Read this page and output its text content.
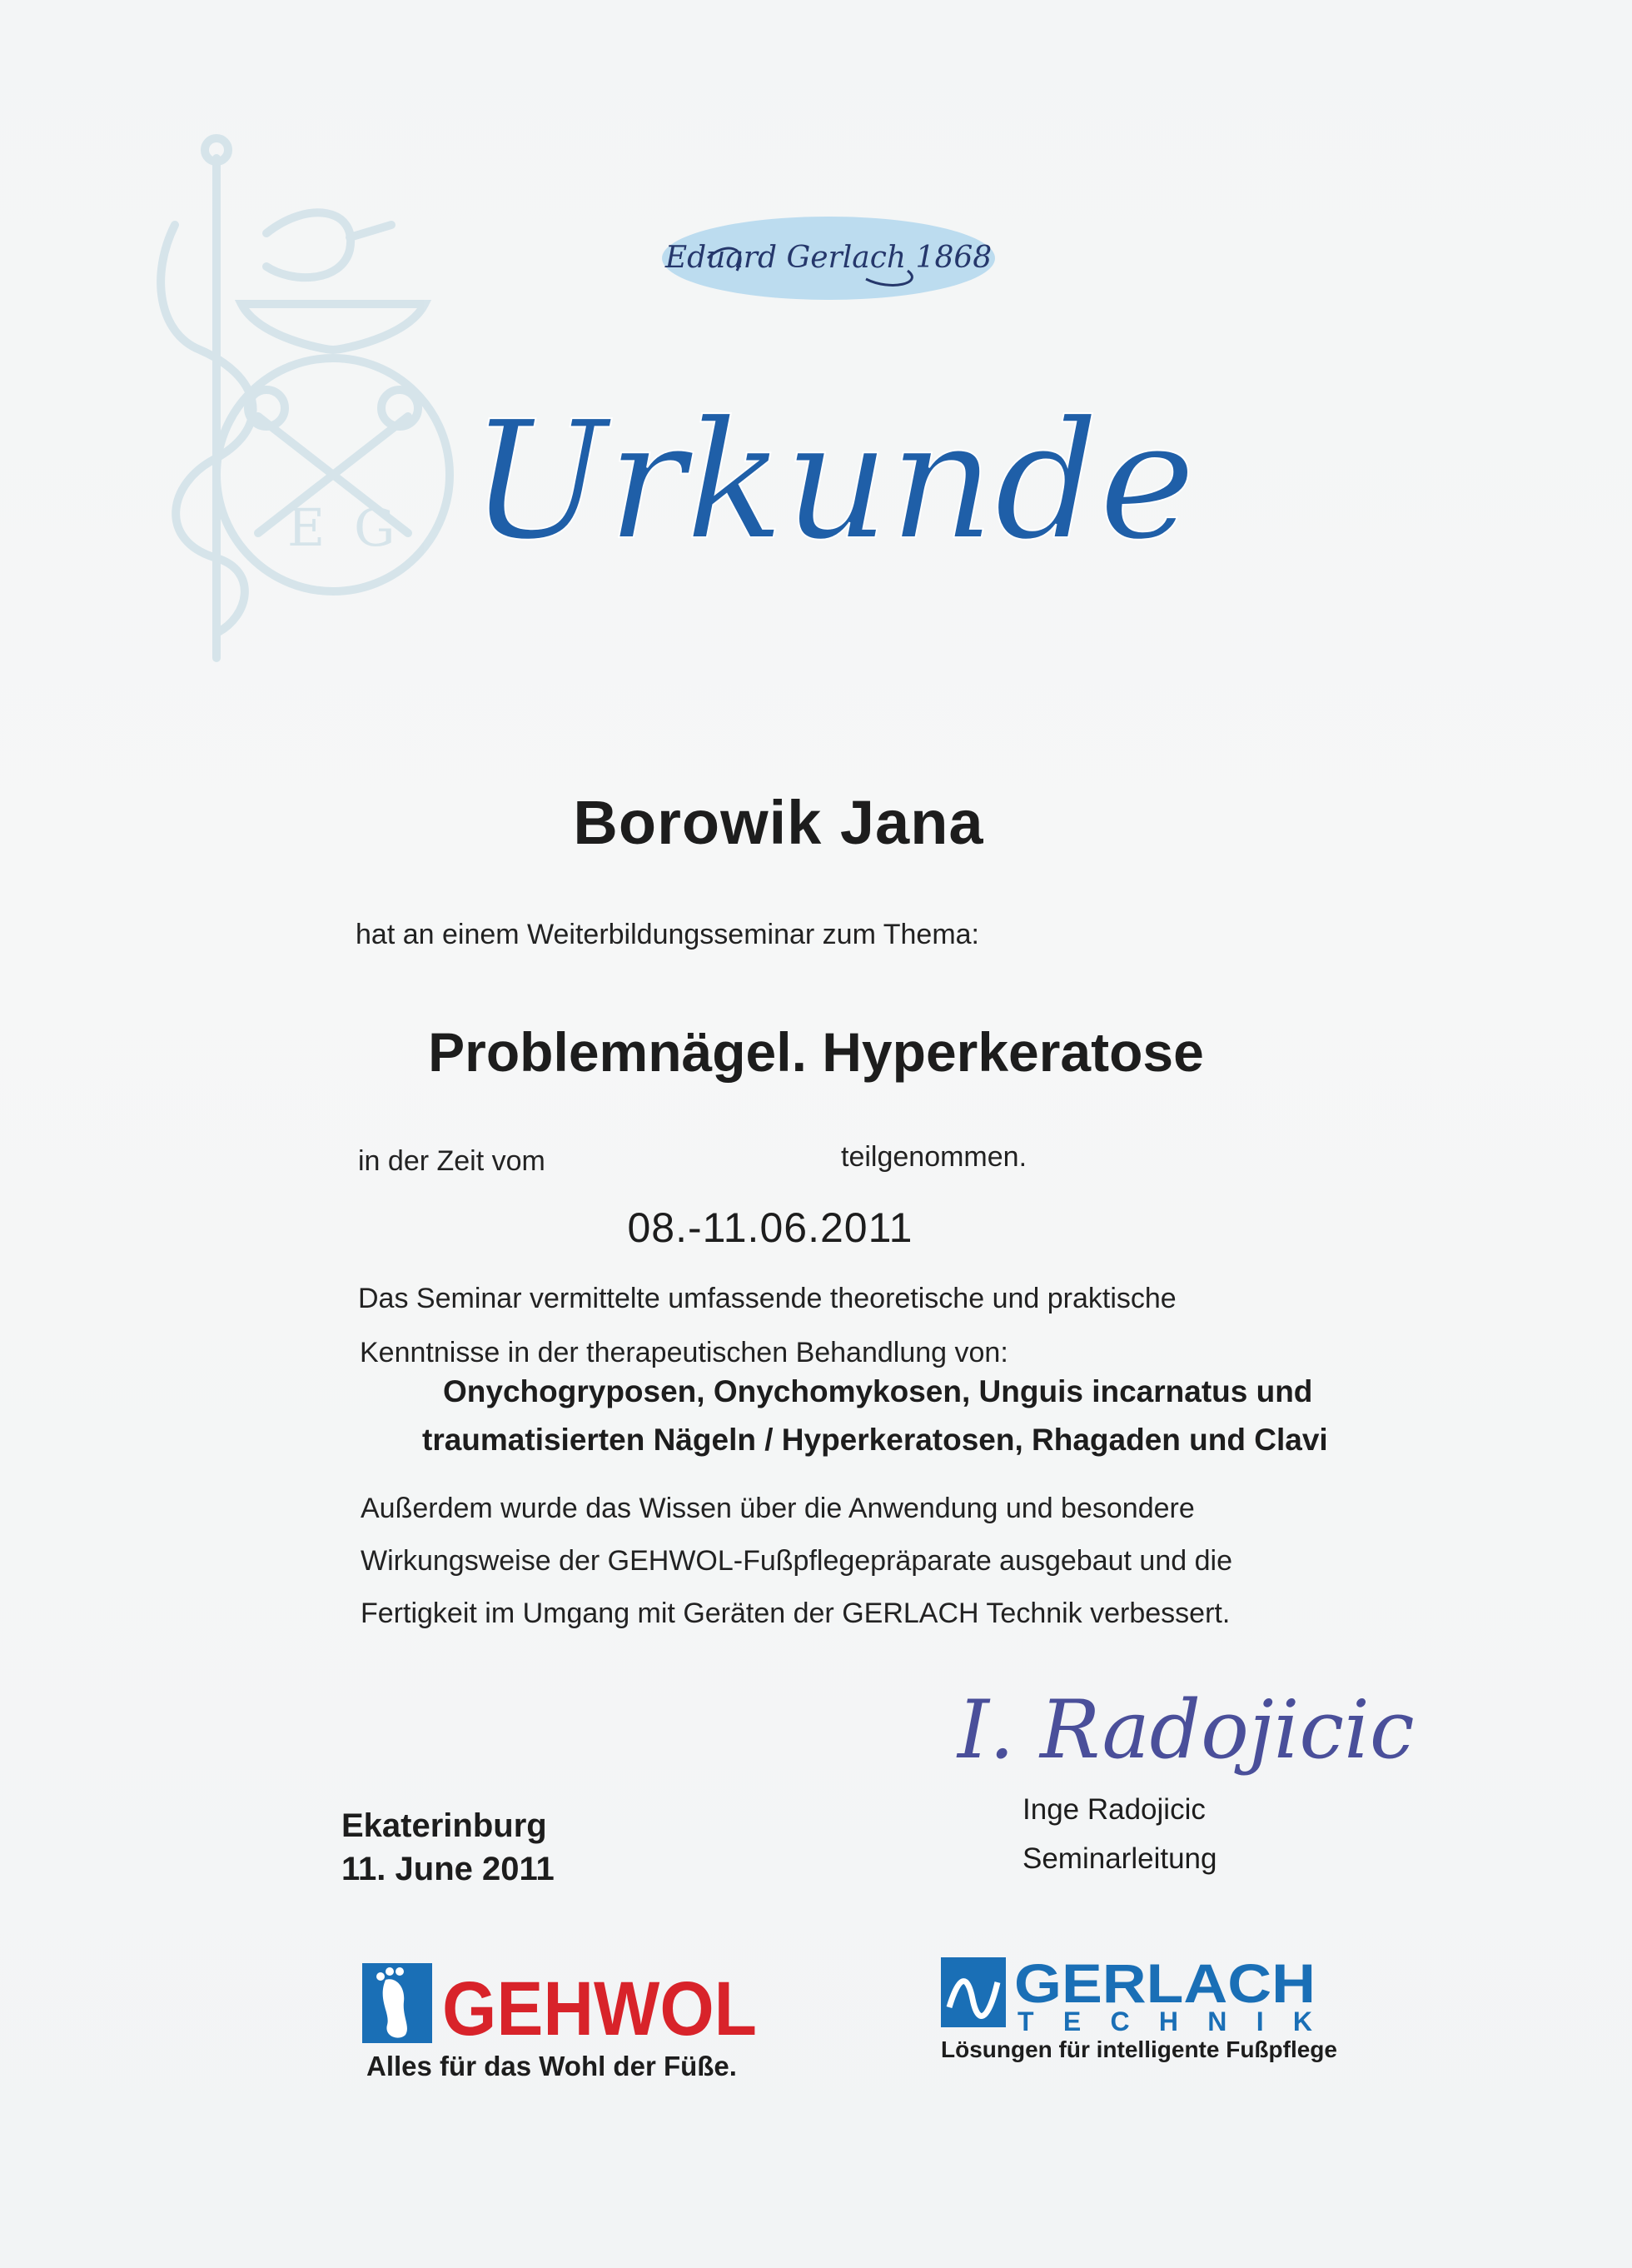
E G
Eduard Gerlach 1868
Urkunde
Borowik Jana
hat an einem Weiterbildungsseminar zum Thema:
Problemnägel. Hyperkeratose
in der Zeit vom	teilgenommen.
08.-11.06.2011
Das Seminar vermittelte umfassende theoretische und praktische
Kenntnisse in der therapeutischen Behandlung von:
Onychogryposen, Onychomykosen, Unguis incarnatus und
traumatisierten Nägeln / Hyperkeratosen, Rhagaden und Clavi
Außerdem wurde das Wissen über die Anwendung und besondere
Wirkungsweise der GEHWOL-Fußpflegepräparate ausgebaut und die
Fertigkeit im Umgang mit Geräten der GERLACH Technik verbessert.
Ekaterinburg
11. June 2011
I. Radojicic
Inge Radojicic
Seminarleitung
GEHWOL
Alles für das Wohl der Füße.
GERLACH
TECHNIK
Lösungen für intelligente Fußpflege
